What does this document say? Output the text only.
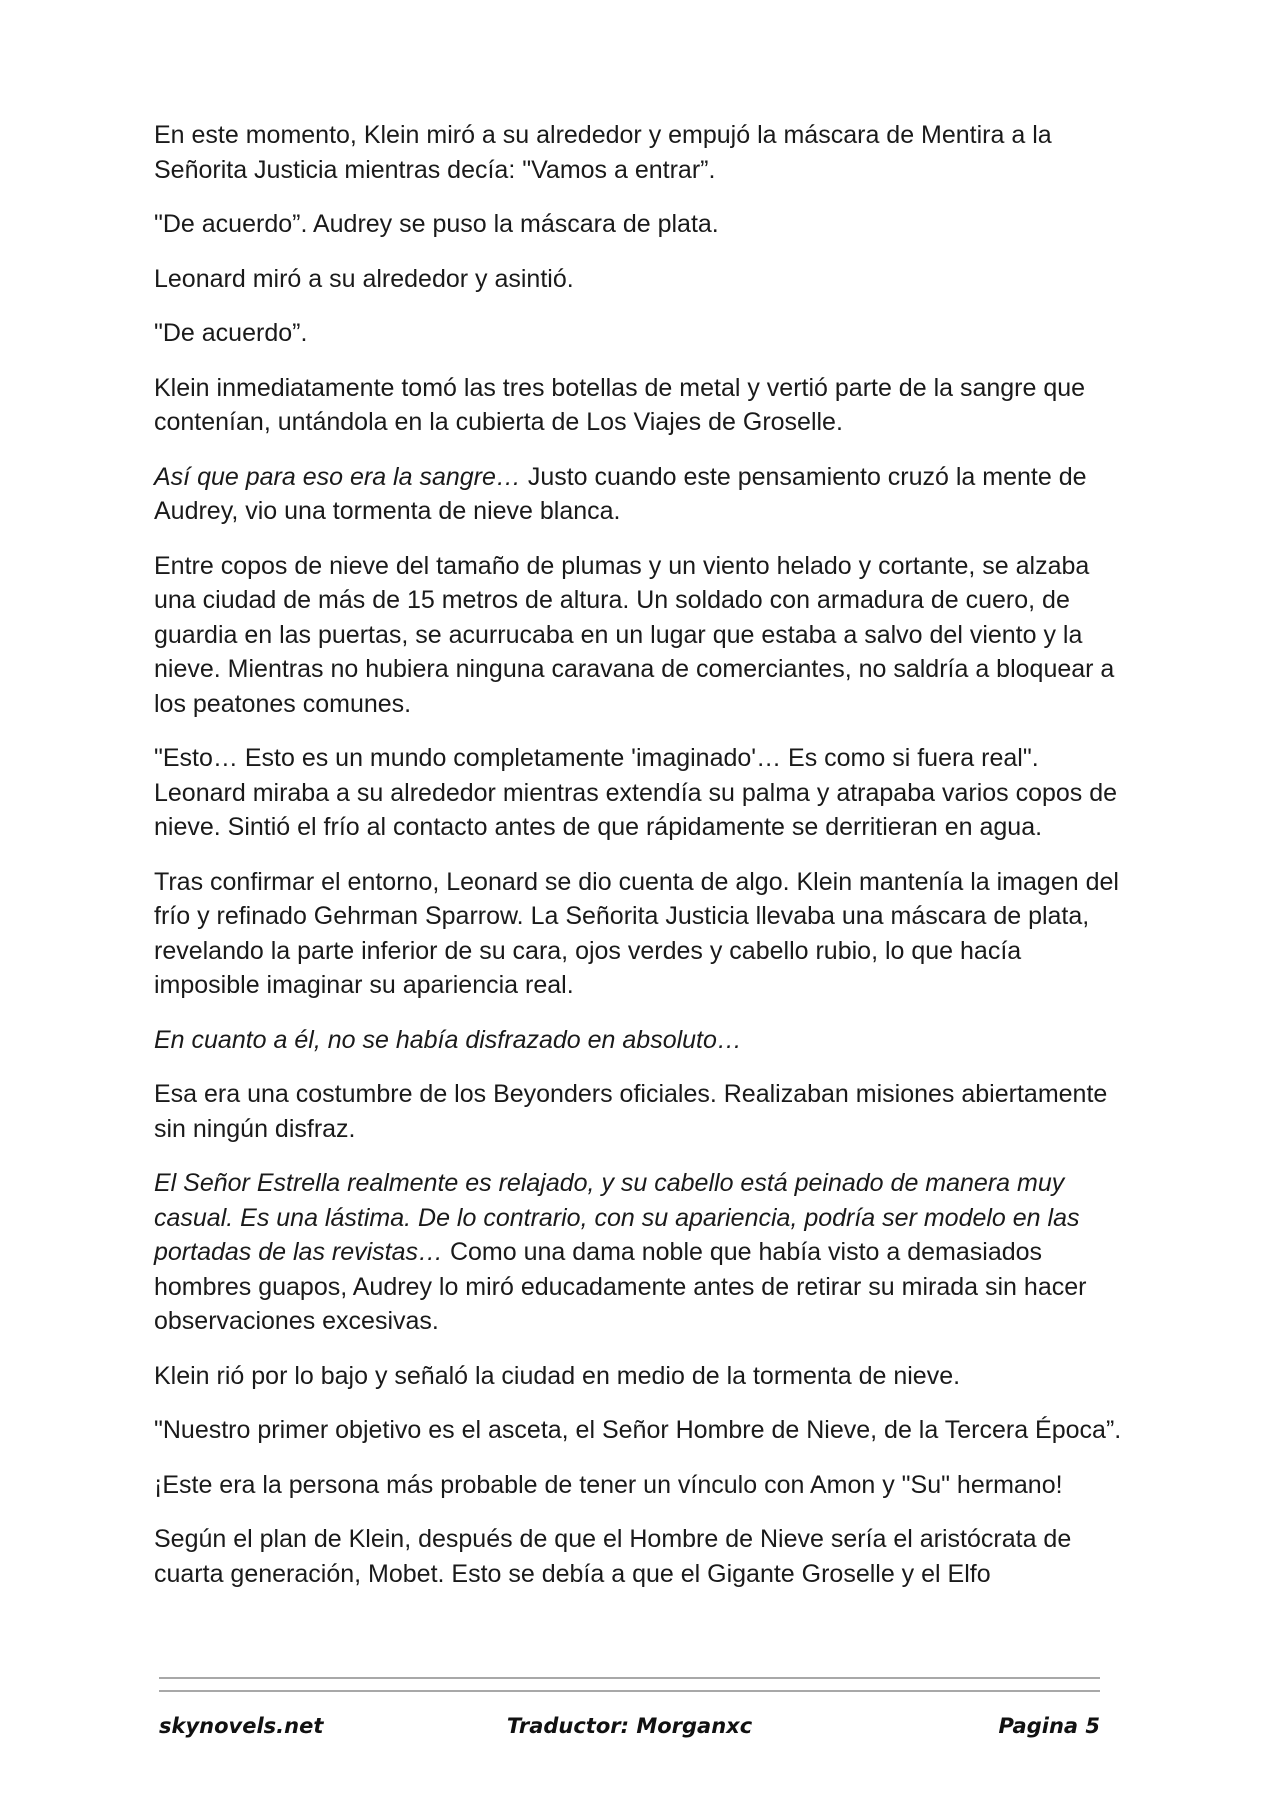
En este momento, Klein miró a su alrededor y empujó la máscara de Mentira a la Señorita Justicia mientras decía: "Vamos a entrar”.

"De acuerdo”. Audrey se puso la máscara de plata.

Leonard miró a su alrededor y asintió.

"De acuerdo”.

Klein inmediatamente tomó las tres botellas de metal y vertió parte de la sangre que contenían, untándola en la cubierta de Los Viajes de Groselle.

Así que para eso era la sangre… Justo cuando este pensamiento cruzó la mente de Audrey, vio una tormenta de nieve blanca.

Entre copos de nieve del tamaño de plumas y un viento helado y cortante, se alzaba una ciudad de más de 15 metros de altura. Un soldado con armadura de cuero, de guardia en las puertas, se acurrucaba en un lugar que estaba a salvo del viento y la nieve. Mientras no hubiera ninguna caravana de comerciantes, no saldría a bloquear a los peatones comunes.

"Esto… Esto es un mundo completamente 'imaginado'… Es como si fuera real". Leonard miraba a su alrededor mientras extendía su palma y atrapaba varios copos de nieve. Sintió el frío al contacto antes de que rápidamente se derritieran en agua.

Tras confirmar el entorno, Leonard se dio cuenta de algo. Klein mantenía la imagen del frío y refinado Gehrman Sparrow. La Señorita Justicia llevaba una máscara de plata, revelando la parte inferior de su cara, ojos verdes y cabello rubio, lo que hacía imposible imaginar su apariencia real.

En cuanto a él, no se había disfrazado en absoluto…

Esa era una costumbre de los Beyonders oficiales. Realizaban misiones abiertamente sin ningún disfraz.

El Señor Estrella realmente es relajado, y su cabello está peinado de manera muy casual. Es una lástima. De lo contrario, con su apariencia, podría ser modelo en las portadas de las revistas… Como una dama noble que había visto a demasiados hombres guapos, Audrey lo miró educadamente antes de retirar su mirada sin hacer observaciones excesivas.

Klein rió por lo bajo y señaló la ciudad en medio de la tormenta de nieve.

"Nuestro primer objetivo es el asceta, el Señor Hombre de Nieve, de la Tercera Época”.

¡Este era la persona más probable de tener un vínculo con Amon y "Su" hermano!

Según el plan de Klein, después de que el Hombre de Nieve sería el aristócrata de cuarta generación, Mobet. Esto se debía a que el Gigante Groselle y el Elfo

skynovels.net	Traductor: Morganxc	Pagina 5
